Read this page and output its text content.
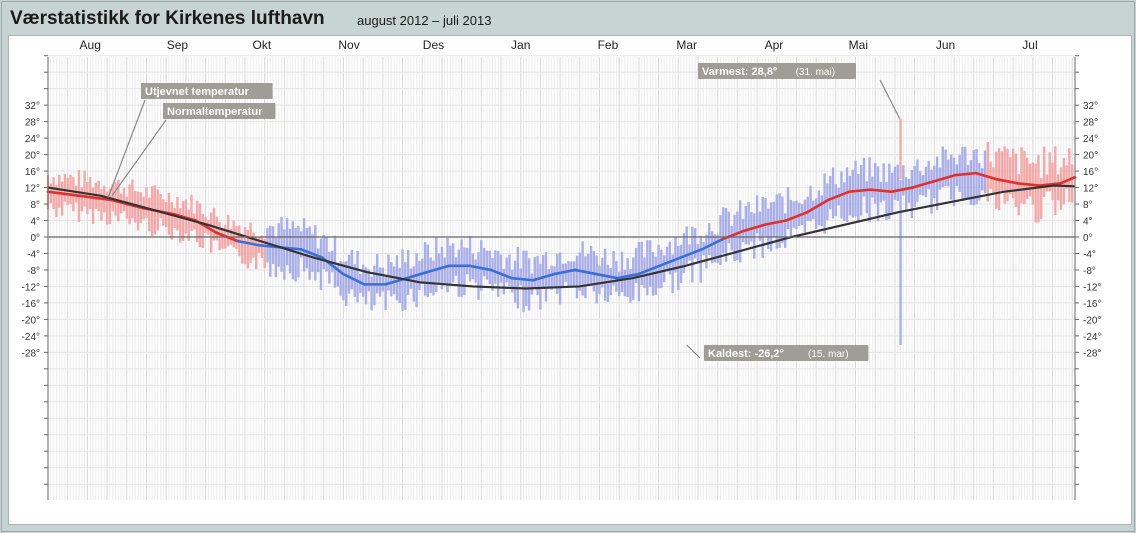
Værstatistikk for Kirkenes lufthavn august 2012 – juli 2013
Aug	Sep	Okt	Nov	Des	Jan	Feb	Mar	Apr	Mai	Jun	Jul
32°	32°
28°	28°
24°	24°
20°	20°
16°	16°
12°	12°
8°	8°
4°	4°
0°	0°
-4°	-4°
-8°	-8°
-12°	-12°
-16°	-16°
-20°	-20°
-24°	-24°
-28°	-28°
Varmest: 28,8° (31. mai)
Kaldest: -26,2° (15. mar)
Utjevnet temperatur
Normaltemperatur
